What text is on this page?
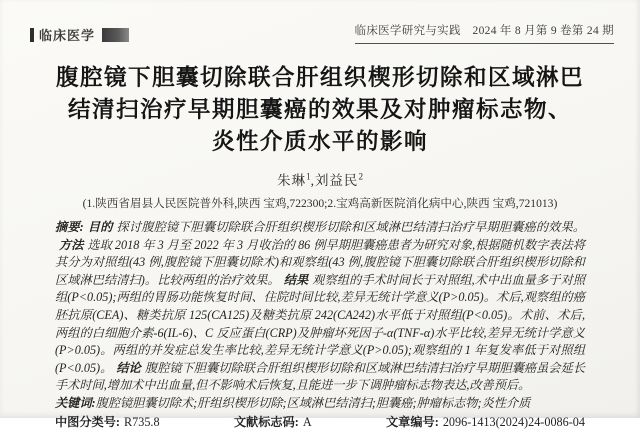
临床医学	临床医学研究与实践　2024 年 8 月第 9 卷第 24 期
腹腔镜下胆囊切除联合肝组织楔形切除和区域淋巴
结清扫治疗早期胆囊癌的效果及对肿瘤标志物、
炎性介质水平的影响
朱琳$^1$,刘益民$^2$
(1.陕西省眉县人民医院普外科,陕西 宝鸡,722300;2.宝鸡高新医院消化病中心,陕西 宝鸡,721013)
摘要: 目的 探讨腹腔镜下胆囊切除联合肝组织楔形切除和区域淋巴结清扫治疗早期胆囊癌的效果。方法 选取 2018 年 3 月至 2022 年 3 月收治的 86 例早期胆囊癌患者为研究对象,根据随机数字表法将其分为对照组(43 例,腹腔镜下胆囊切除术)和观察组(43 例,腹腔镜下胆囊切除联合肝组织楔形切除和区域淋巴结清扫)。比较两组的治疗效果。 结果 观察组的手术时间长于对照组,术中出血量多于对照组(P<0.05);两组的胃肠功能恢复时间、住院时间比较,差异无统计学意义(P>0.05)。术后,观察组的癌胚抗原(CEA)、糖类抗原 125(CA125)及糖类抗原 242(CA242)水平低于对照组(P<0.05)。术前、术后,两组的白细胞介素-6(IL-6)、C 反应蛋白(CRP)及肿瘤坏死因子-α(TNF-α)水平比较,差异无统计学意义(P>0.05)。两组的并发症总发生率比较,差异无统计学意义(P>0.05);观察组的 1 年复发率低于对照组(P<0.05)。 结论 腹腔镜下胆囊切除联合肝组织楔形切除和区域淋巴结清扫治疗早期胆囊癌虽会延长手术时间,增加术中出血量,但不影响术后恢复,且能进一步下调肿瘤标志物表达,改善预后。
关键词:腹腔镜胆囊切除术;肝组织楔形切除;区域淋巴结清扫;胆囊癌;肿瘤标志物;炎性介质
中图分类号: R735.8	文献标志码: A	文章编号: 2096-1413(2024)24-0086-04
